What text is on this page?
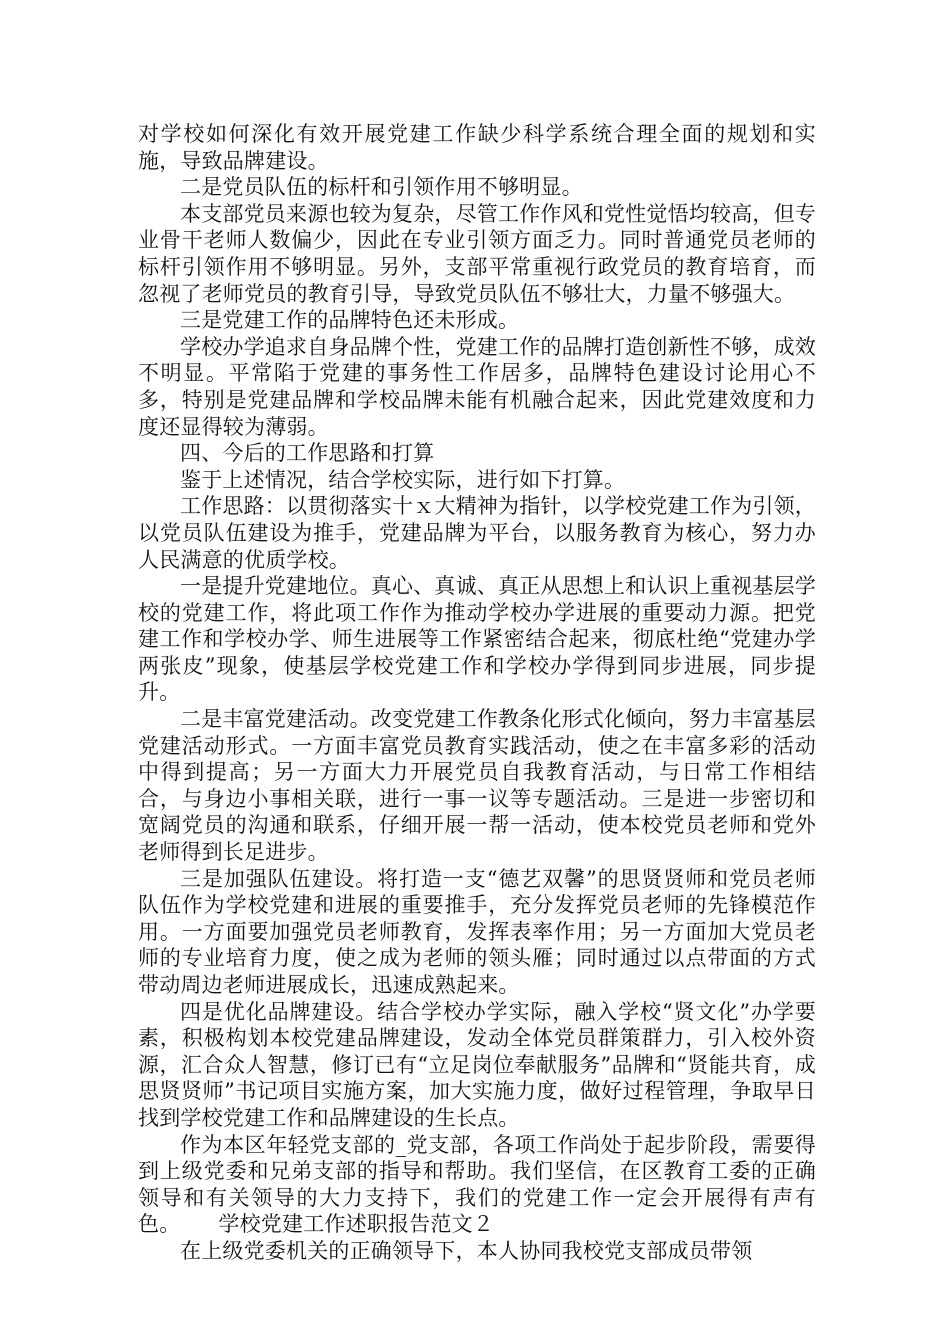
对学校如何深化有效开展党建工作缺少科学系统合理全面的规划和实施，导致品牌建设。

二是党员队伍的标杆和引领作用不够明显。

本支部党员来源也较为复杂，尽管工作作风和党性觉悟均较高，但专业骨干老师人数偏少，因此在专业引领方面乏力。同时普通党员老师的标杆引领作用不够明显。另外，支部平常重视行政党员的教育培育，而忽视了老师党员的教育引导，导致党员队伍不够壮大，力量不够强大。

三是党建工作的品牌特色还未形成。

学校办学追求自身品牌个性，党建工作的品牌打造创新性不够，成效不明显。平常陷于党建的事务性工作居多，品牌特色建设讨论用心不多，特别是党建品牌和学校品牌未能有机融合起来，因此党建效度和力度还显得较为薄弱。

四、今后的工作思路和打算

鉴于上述情况，结合学校实际，进行如下打算。

工作思路：以贯彻落实十ｘ大精神为指针，以学校党建工作为引领，以党员队伍建设为推手，党建品牌为平台，以服务教育为核心，努力办人民满意的优质学校。

一是提升党建地位。真心、真诚、真正从思想上和认识上重视基层学校的党建工作，将此项工作作为推动学校办学进展的重要动力源。把党建工作和学校办学、师生进展等工作紧密结合起来，彻底杜绝“党建办学两张皮”现象，使基层学校党建工作和学校办学得到同步进展，同步提升。

二是丰富党建活动。改变党建工作教条化形式化倾向，努力丰富基层党建活动形式。一方面丰富党员教育实践活动，使之在丰富多彩的活动中得到提高；另一方面大力开展党员自我教育活动，与日常工作相结合，与身边小事相关联，进行一事一议等专题活动。三是进一步密切和宽阔党员的沟通和联系，仔细开展一帮一活动，使本校党员老师和党外老师得到长足进步。

三是加强队伍建设。将打造一支“德艺双馨”的思贤贤师和党员老师队伍作为学校党建和进展的重要推手，充分发挥党员老师的先锋模范作用。一方面要加强党员老师教育，发挥表率作用；另一方面加大党员老师的专业培育力度，使之成为老师的领头雁；同时通过以点带面的方式带动周边老师进展成长，迅速成熟起来。

四是优化品牌建设。结合学校办学实际，融入学校“贤文化”办学要素，积极构划本校党建品牌建设，发动全体党员群策群力，引入校外资源，汇合众人智慧，修订已有“立足岗位奉献服务”品牌和“贤能共育，成思贤贤师”书记项目实施方案，加大实施力度，做好过程管理，争取早日找到学校党建工作和品牌建设的生长点。

作为本区年轻党支部的_党支部，各项工作尚处于起步阶段，需要得到上级党委和兄弟支部的指导和帮助。我们坚信，在区教育工委的正确领导和有关领导的大力支持下，我们的党建工作一定会开展得有声有色。 学校党建工作述职报告范文２

在上级党委机关的正确领导下，本人协同我校党支部成员带领
